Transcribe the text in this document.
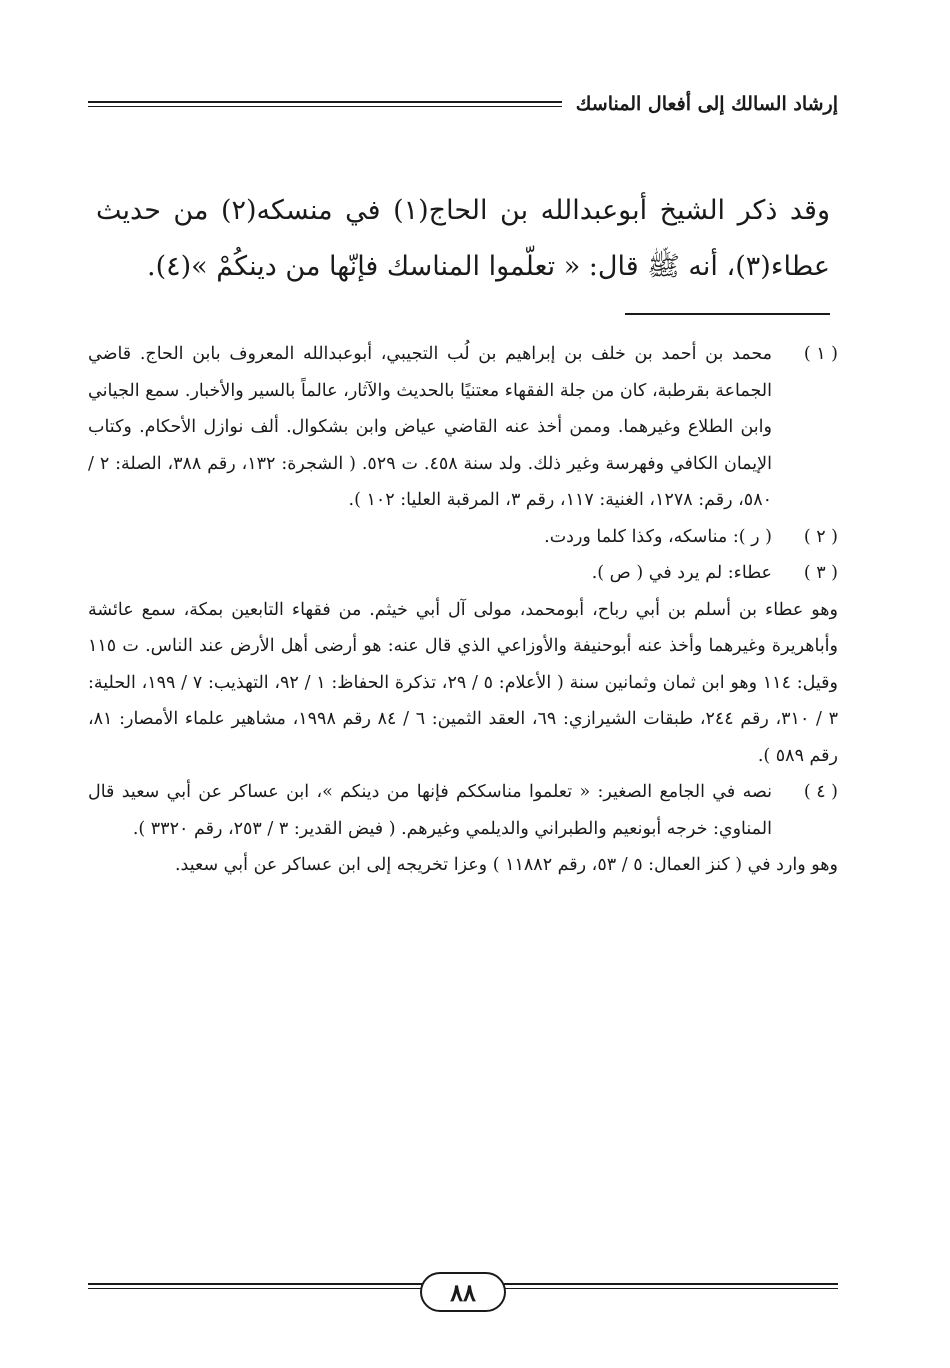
إرشاد السالك إلى أفعال المناسك

وقد ذكر الشيخ أبوعبدالله بن الحاج(١) في منسكه(٢) من حديث عطاء(٣)، أنه ﷺ قال: « تعلّموا المناسك فإنّها من دينكُمْ »(٤).

( ١ )
محمد بن أحمد بن خلف بن إبراهيم بن لُب التجيبي، أبوعبدالله المعروف بابن الحاج. قاضي الجماعة بقرطبة، كان من جلة الفقهاء معتنيًا بالحديث والآثار، عالماً بالسير والأخبار. سمع الجياني وابن الطلاع وغيرهما. وممن أخذ عنه القاضي عياض وابن بشكوال. ألف نوازل الأحكام. وكتاب الإيمان الكافي وفهرسة وغير ذلك. ولد سنة ٤٥٨. ت ٥٢٩. ( الشجرة: ١٣٢، رقم ٣٨٨، الصلة: ٢ / ٥٨٠، رقم: ١٢٧٨، الغنية: ١١٧، رقم ٣، المرقبة العليا: ١٠٢ ).
( ٢ )
( ر ): مناسكه، وكذا كلما وردت.
( ٣ )
عطاء: لم يرد في ( ص ).
وهو عطاء بن أسلم بن أبي رباح، أبومحمد، مولى آل أبي خيثم. من فقهاء التابعين بمكة، سمع عائشة وأباهريرة وغيرهما وأخذ عنه أبوحنيفة والأوزاعي الذي قال عنه: هو أرضى أهل الأرض عند الناس. ت ١١٥ وقيل: ١١٤ وهو ابن ثمان وثمانين سنة ( الأعلام: ٥ / ٢٩، تذكرة الحفاظ: ١ / ٩٢، التهذيب: ٧ / ١٩٩، الحلية: ٣ / ٣١٠، رقم ٢٤٤، طبقات الشيرازي: ٦٩، العقد الثمين: ٦ / ٨٤ رقم ١٩٩٨، مشاهير علماء الأمصار: ٨١، رقم ٥٨٩ ).
( ٤ )
نصه في الجامع الصغير: « تعلموا مناسككم فإنها من دينكم »، ابن عساكر عن أبي سعيد قال المناوي: خرجه أبونعيم والطبراني والديلمي وغيرهم. ( فيض القدير: ٣ / ٢٥٣، رقم ٣٣٢٠ ).
وهو وارد في ( كنز العمال: ٥ / ٥٣، رقم ١١٨٨٢ ) وعزا تخريجه إلى ابن عساكر عن أبي سعيد.
٨٨
